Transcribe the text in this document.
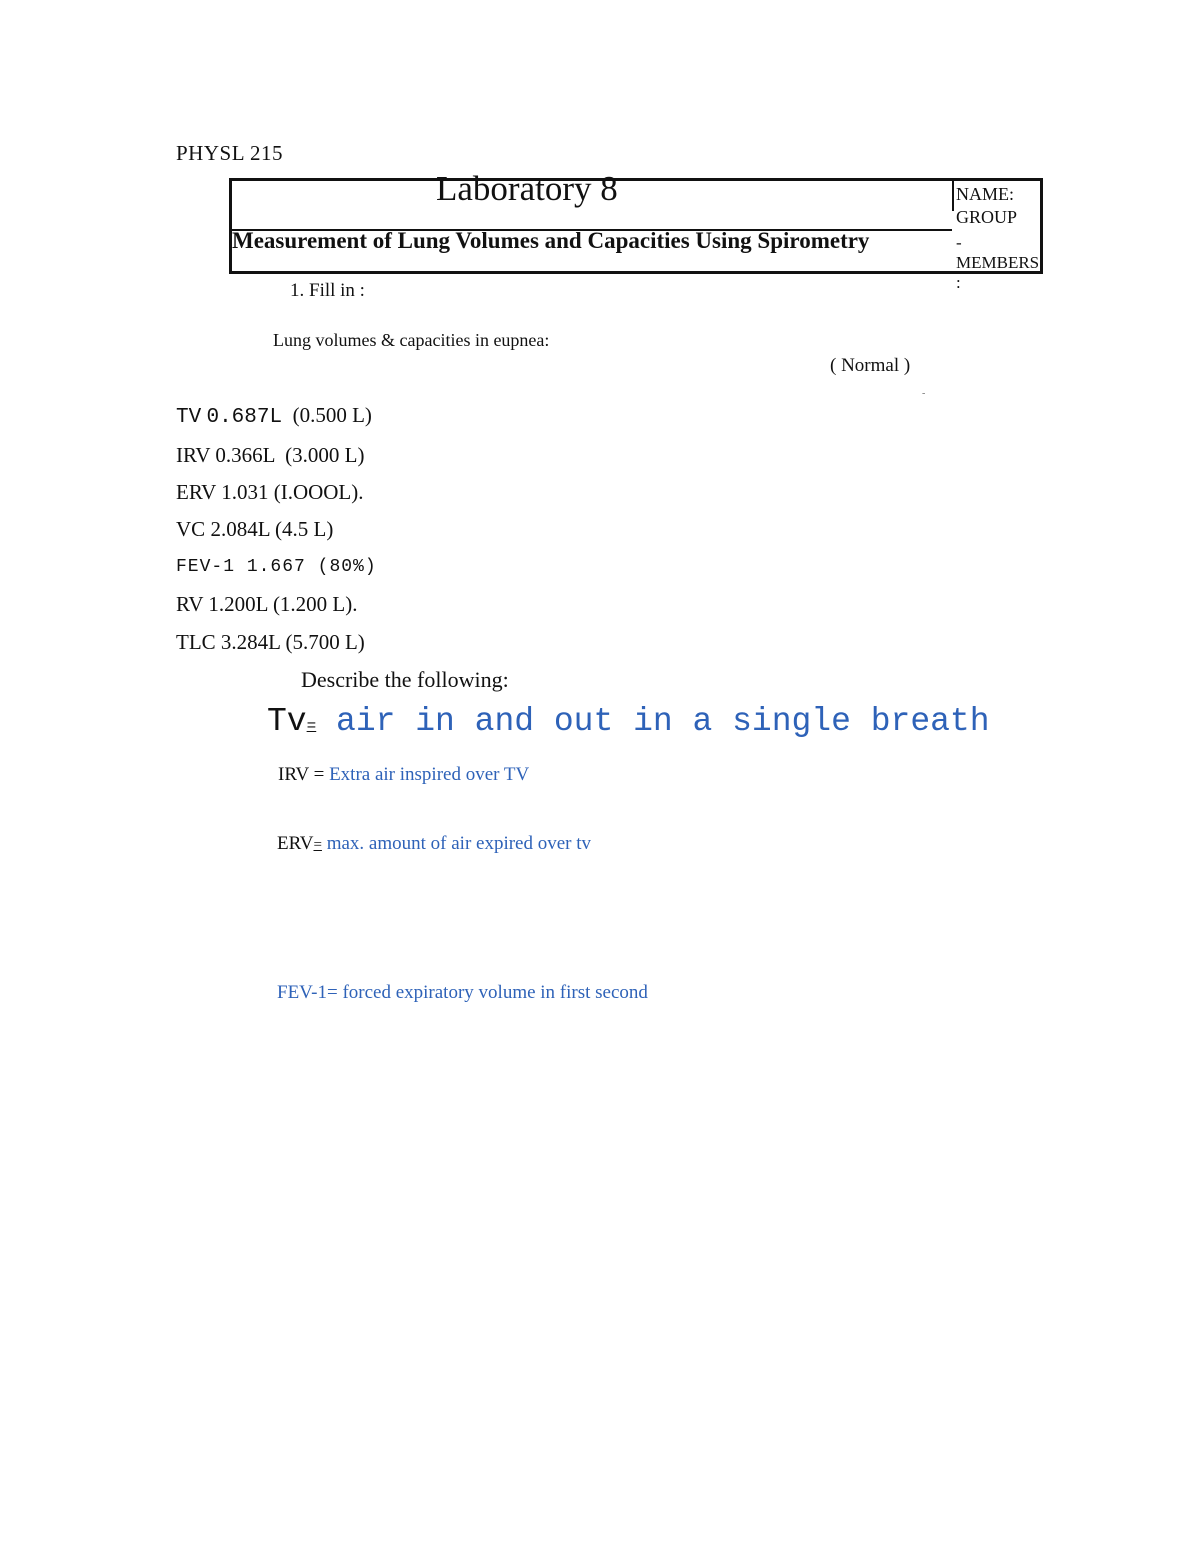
PHYSL 215
Laboratory 8
Measurement of Lung Volumes and Capacities Using Spirometry
NAME:
GROUP
-MEMBERS
:
1. Fill in :
Lung volumes & capacities in eupnea:
( Normal )
-
TV 0.687L (0.500 L)
IRV 0.366L (3.000 L)
ERV 1.031 (I.OOOL).
VC 2.084L (4.5 L)
FEV-1 1.667 (80%)
RV 1.200L (1.200 L).
TLC 3.284L (5.700 L)
Describe the following:
Tv= air in and out in a single breath
IRV = Extra air inspired over TV
ERV= max. amount of air expired over tv
FEV-1= forced expiratory volume in first second
